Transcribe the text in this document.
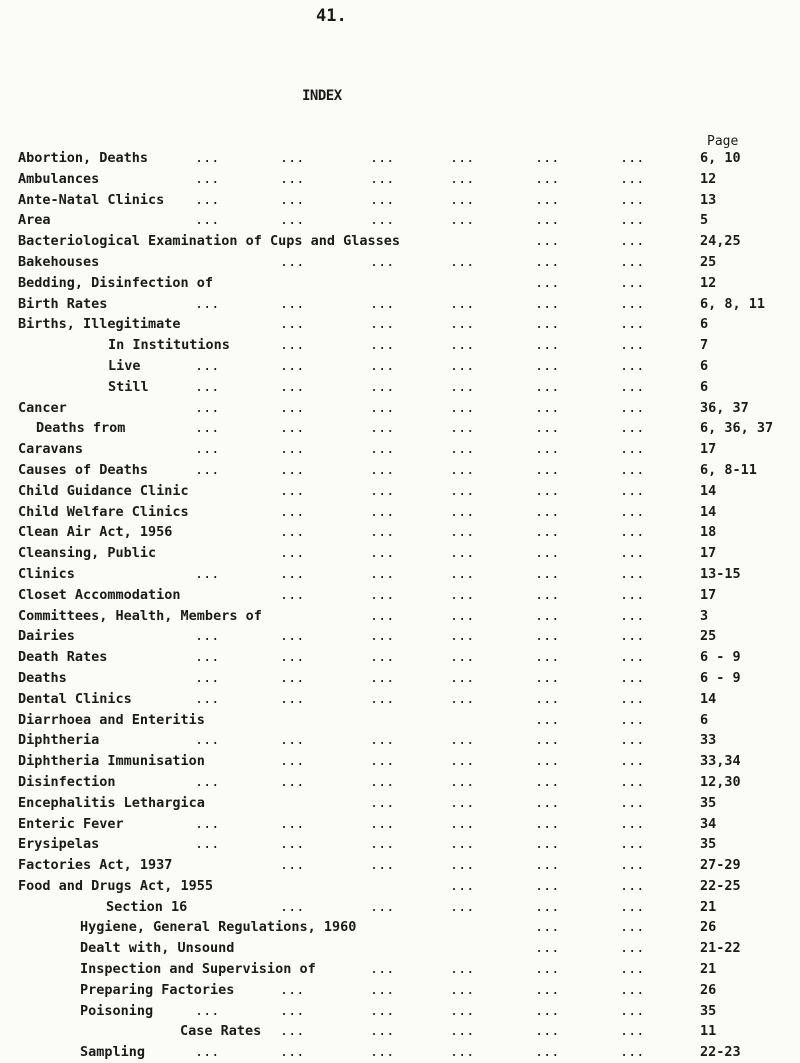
41.
INDEX
Page
Abortion, Deaths	...	...	...	...	...	...	6, 10
Ambulances	...	...	...	...	...	...	12
Ante-Natal Clinics ...	...	...	...	...	...	13
Area	...	...	...	...	...	...	5
Bacteriological Examination of Cups and Glasses	...	...	24,25
Bakehouses	...	...	...	...	...	25
Bedding, Disinfection of	...	...	12
Birth Rates	...	...	...	...	...	...	6, 8, 11
Births, Illegitimate	...	...	...	...	...	6
In Institutions	...	...	...	...	...	7
Live	...	...	...	...	...	...	6
Still	...	...	...	...	...	...	6
Cancer	...	...	...	...	...	...	36, 37
Deaths from	...	...	...	...	...	...	6, 36, 37
Caravans	...	...	...	...	...	...	17
Causes of Deaths	...	...	...	...	...	...	6, 8-11
Child Guidance Clinic	...	...	...	...	...	14
Child Welfare Clinics	...	...	...	...	...	14
Clean Air Act, 1956	...	...	...	...	...	18
Cleansing, Public	...	...	...	...	...	17
Clinics	...	...	...	...	...	...	13-15
Closet Accommodation	...	...	...	...	...	17
Committees, Health, Members of	...	...	...	...	3
Dairies	...	...	...	...	...	...	25
Death Rates	...	...	...	...	...	...	6 - 9
Deaths	...	...	...	...	...	...	6 - 9
Dental Clinics	...	...	...	...	...	...	14
Diarrhoea and Enteritis	...	...	6
Diphtheria	...	...	...	...	...	...	33
Diphtheria Immunisation	...	...	...	...	...	33,34
Disinfection	...	...	...	...	...	...	12,30
Encephalitis Lethargica	...	...	...	...	35
Enteric Fever	...	...	...	...	...	...	34
Erysipelas	...	...	...	...	...	...	35
Factories Act, 1937	...	...	...	...	...	27-29
Food and Drugs Act, 1955	...	...	...	22-25
Section 16	...	...	...	...	...	21
Hygiene, General Regulations, 1960	...	...	26
Dealt with, Unsound	...	...	21-22
Inspection and Supervision of	...	...	...	...	21
Preparing Factories	...	...	...	...	...	26
Poisoning	...	...	...	...	...	...	35
Case Rates ...	...	...	...	...	11
Sampling	...	...	...	...	...	...	22-23
